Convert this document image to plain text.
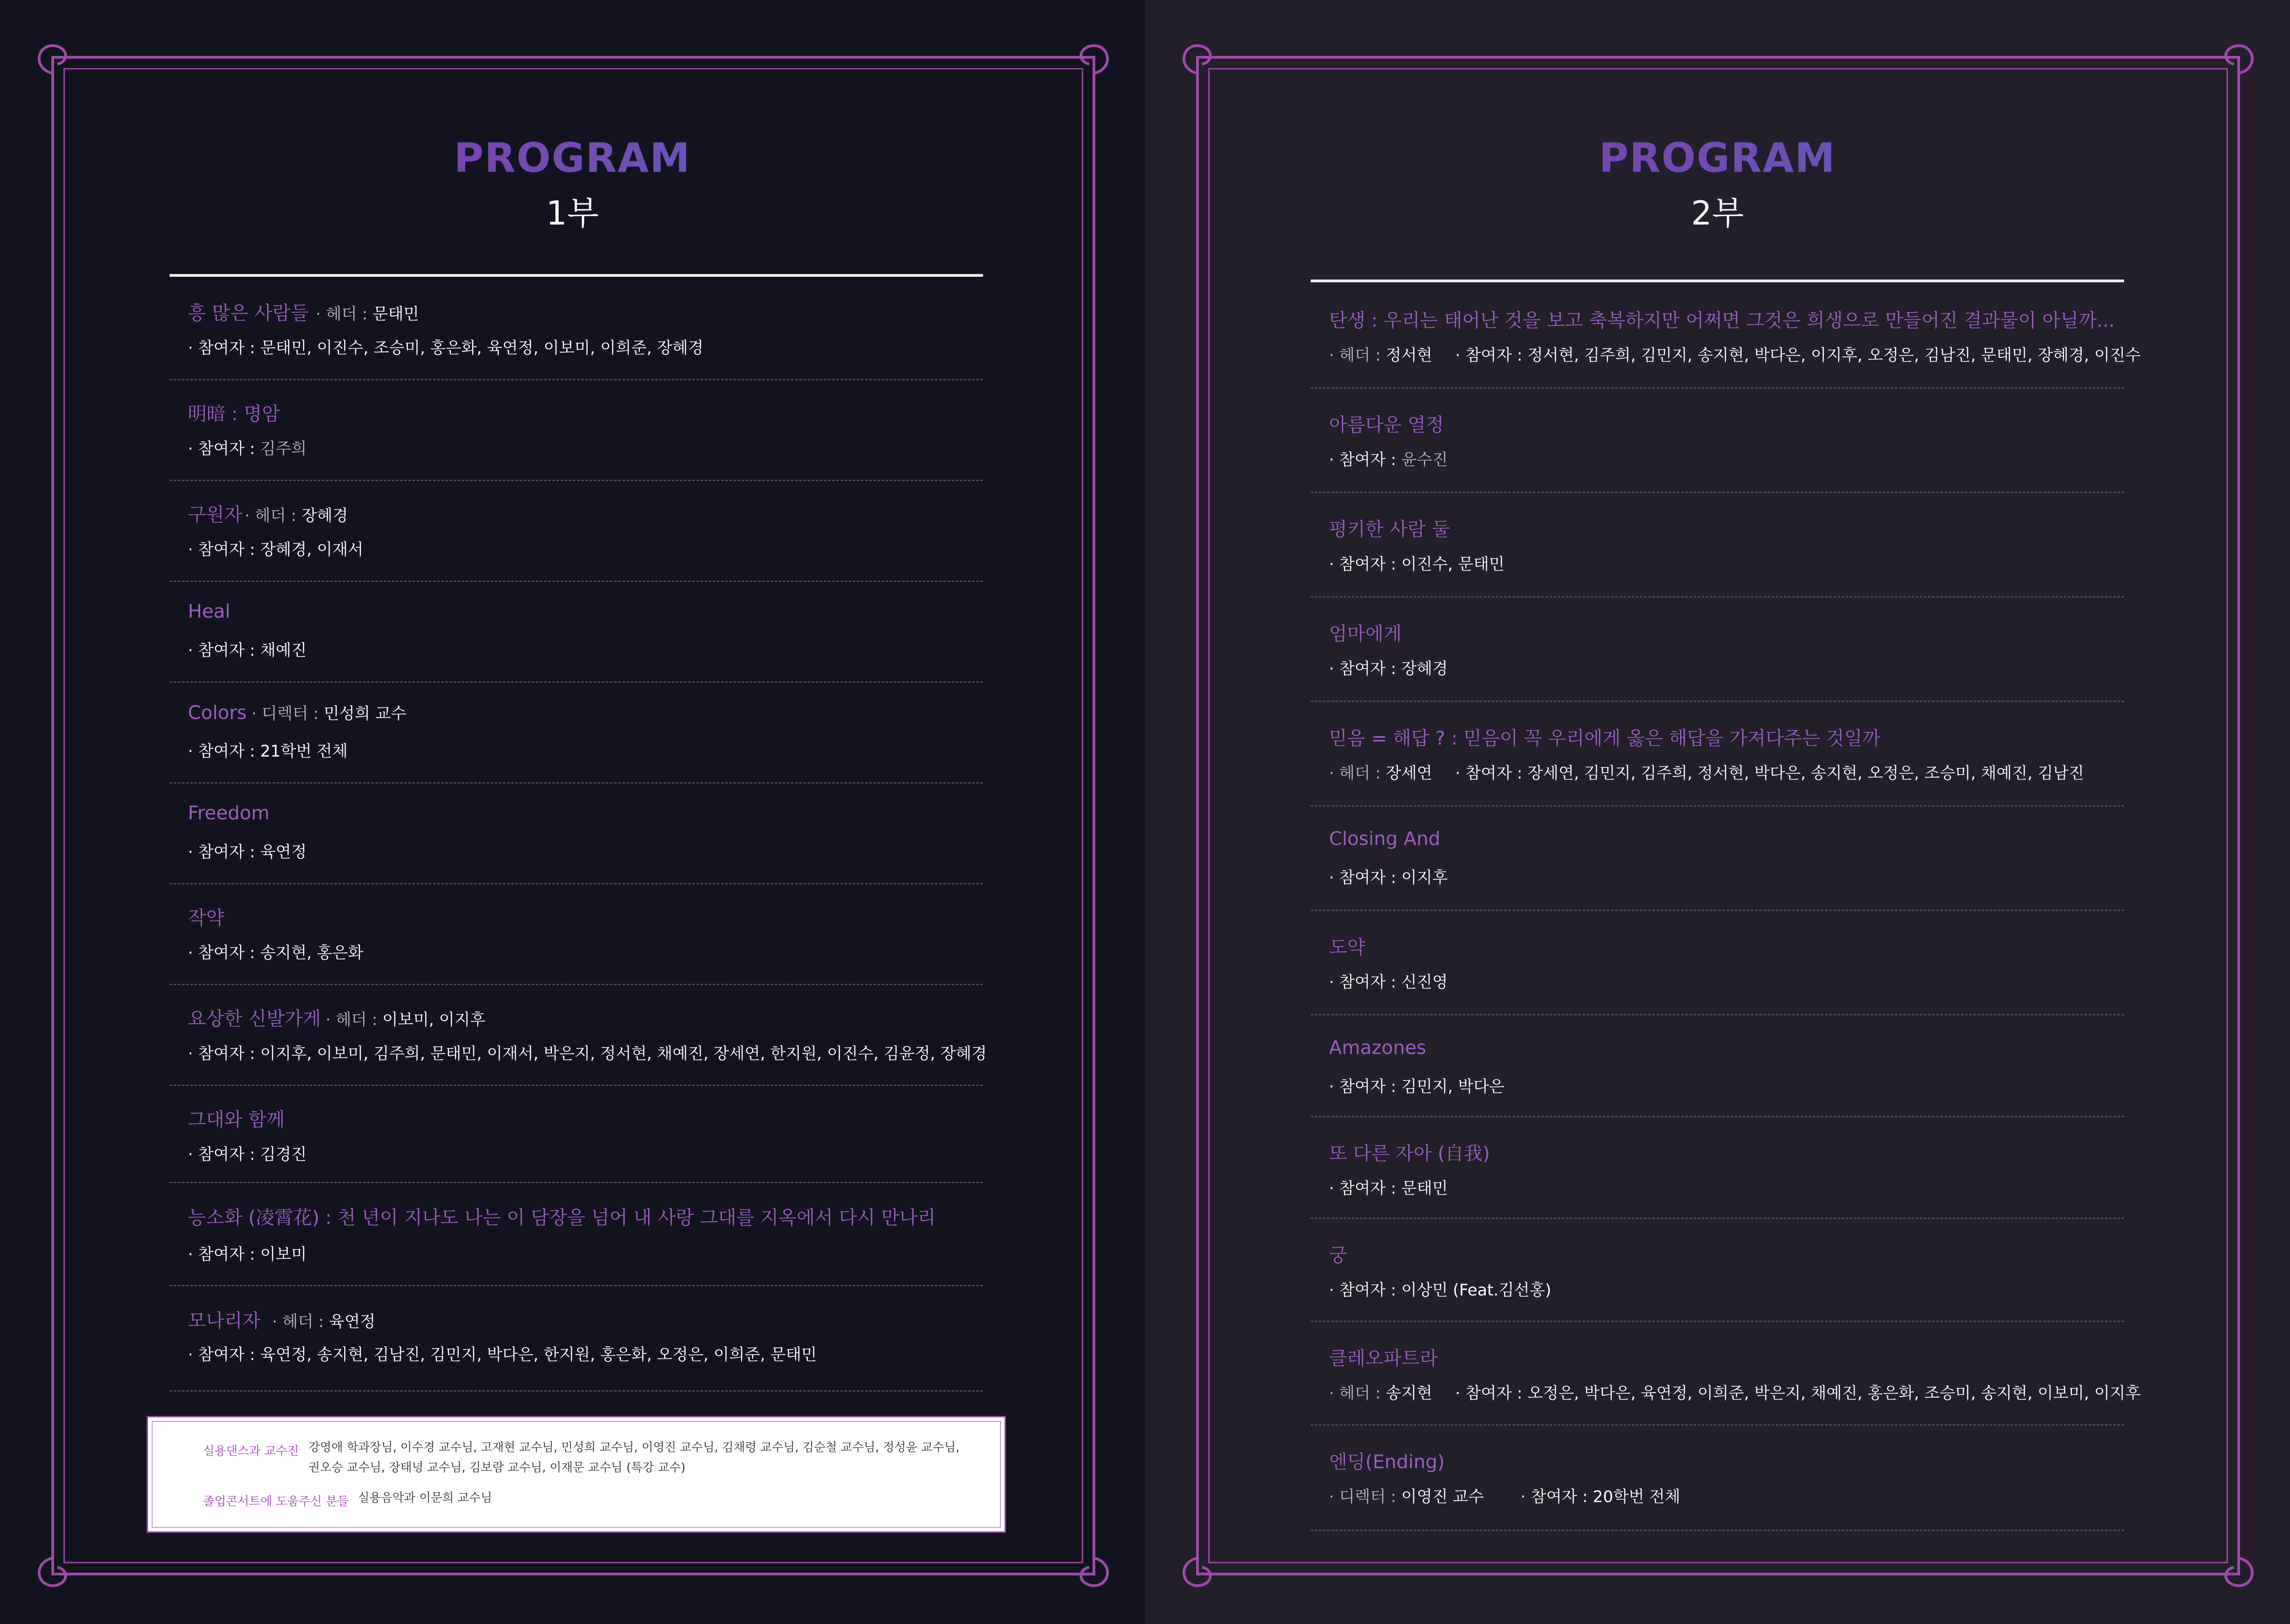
PROGRAM
1부
흥 많은 사람들 · 헤더 : 문태민
· 참여자 : 문태민, 이진수, 조승미, 홍은화, 육연정, 이보미, 이희준, 장혜경
明暗 : 명암
· 참여자 : 김주희
구원자 · 헤더 : 장혜경
· 참여자 : 장혜경, 이재서
Heal
· 참여자 : 채예진
Colors · 디렉터 : 민성희 교수
· 참여자 : 21학번 전체
Freedom
· 참여자 : 육연정
작약
· 참여자 : 송지현, 홍은화
요상한 신발가게 · 헤더 : 이보미, 이지후
· 참여자 : 이지후, 이보미, 김주희, 문태민, 이재서, 박은지, 정서현, 채예진, 장세연, 한지원, 이진수, 김윤정, 장혜경
그대와 함께
· 참여자 : 김경진
능소화 (凌霄花) : 천 년이 지나도 나는 이 담장을 넘어 내 사랑 그대를 지옥에서 다시 만나리
· 참여자 : 이보미
모나리자 · 헤더 : 육연정
· 참여자 : 육연정, 송지현, 김남진, 김민지, 박다은, 한지원, 홍은화, 오정은, 이희준, 문태민
실용댄스과 교수진 강영애 학과장님, 이수경 교수님, 고재현 교수님, 민성희 교수님, 이영진 교수님, 김채령 교수님, 김순철 교수님, 정성윤 교수님,
권오승 교수님, 장태녕 교수님, 김보람 교수님, 이재문 교수님 (특강 교수)
졸업콘서트에 도움주신 분들 실용음악과 이문희 교수님
PROGRAM
2부
탄생 : 우리는 태어난 것을 보고 축복하지만 어쩌면 그것은 희생으로 만들어진 결과물이 아닐까...
· 헤더 : 정서현 · 참여자 : 정서현, 김주희, 김민지, 송지현, 박다은, 이지후, 오정은, 김남진, 문태민, 장혜경, 이진수
아름다운 열정
· 참여자 : 윤수진
평키한 사람 둘
· 참여자 : 이진수, 문태민
엄마에게
· 참여자 : 장혜경
믿음 = 해답 ? : 믿음이 꼭 우리에게 옳은 해답을 가져다주는 것일까
· 헤더 : 장세연 · 참여자 : 장세연, 김민지, 김주희, 정서현, 박다은, 송지현, 오정은, 조승미, 채예진, 김남진
Closing And
· 참여자 : 이지후
도약
· 참여자 : 신진영
Amazones
· 참여자 : 김민지, 박다은
또 다른 자아 (自我)
· 참여자 : 문태민
궁
· 참여자 : 이상민 (Feat.김선홍)
클레오파트라
· 헤더 : 송지현 · 참여자 : 오정은, 박다은, 육연정, 이희준, 박은지, 채예진, 홍은화, 조승미, 송지현, 이보미, 이지후
엔딩(Ending)
· 디렉터 : 이영진 교수 · 참여자 : 20학번 전체
